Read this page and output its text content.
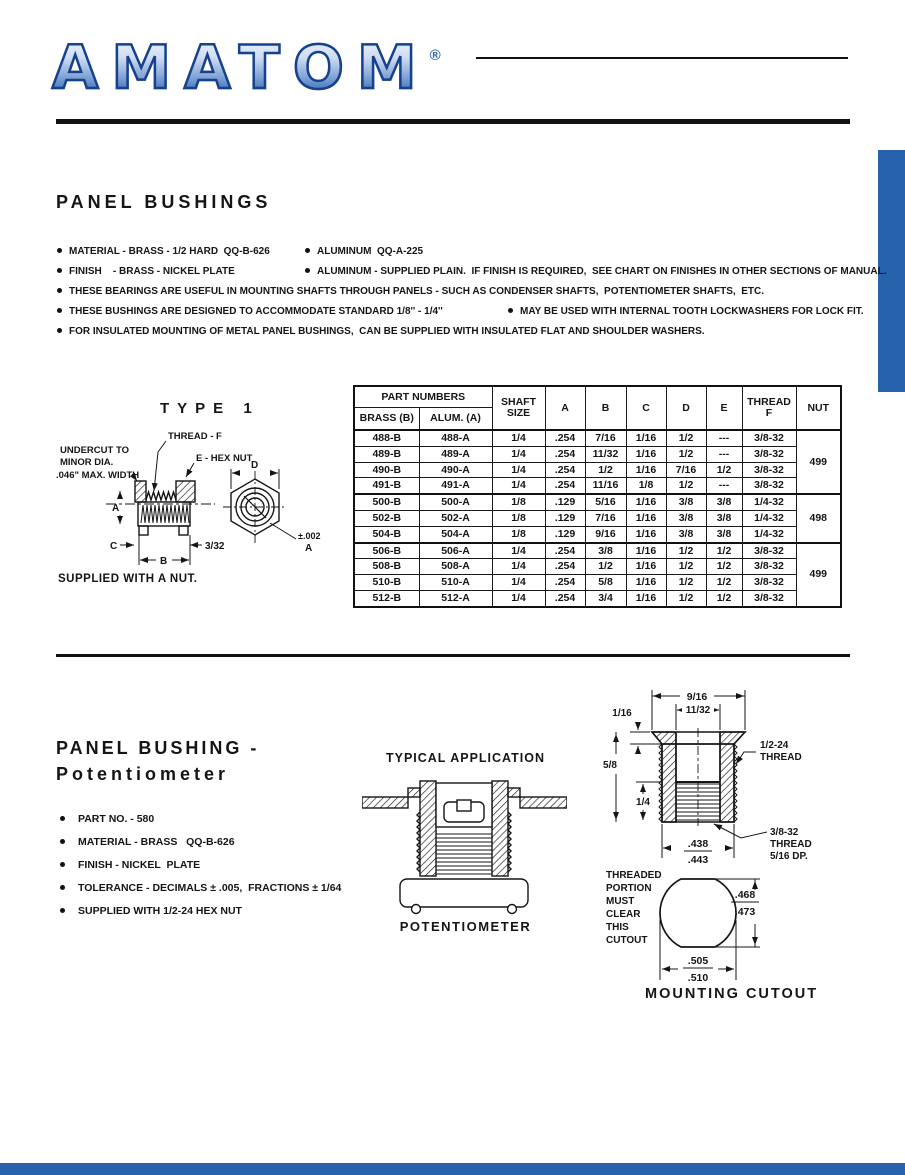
AMATOM®
PANEL BUSHINGS
MATERIAL - BRASS - 1/2 HARD  QQ-B-626	ALUMINUM  QQ-A-225
FINISH    - BRASS - NICKEL PLATE	ALUMINUM - SUPPLIED PLAIN.  IF FINISH IS REQUIRED,  SEE CHART ON FINISHES IN OTHER SECTIONS OF MANUAL.
THESE BEARINGS ARE USEFUL IN MOUNTING SHAFTS THROUGH PANELS - SUCH AS CONDENSER SHAFTS,  POTENTIOMETER SHAFTS,  ETC.
THESE BUSHINGS ARE DESIGNED TO ACCOMMODATE STANDARD 1/8'' - 1/4''	MAY BE USED WITH INTERNAL TOOTH LOCKWASHERS FOR LOCK FIT.
FOR INSULATED MOUNTING OF METAL PANEL BUSHINGS,  CAN BE SUPPLIED WITH INSULATED FLAT AND SHOULDER WASHERS.
TYPE 1
THREAD - F
E - HEX NUT
UNDERCUT TO
MINOR DIA.
.046" MAX. WIDTH
A
C
B
3/32
D
±.002
A
SUPPLIED WITH A NUT.
PART NUMBERS		SHAFT
SIZE	A	B	C	D	E	THREAD
F	NUT
BRASS (B)	ALUM. (A)								
488-B	488-A	1/4	.254	7/16	1/16	1/2	---	3/8-32	499
489-B	489-A	1/4	.254	11/32	1/16	1/2	---	3/8-32	
490-B	490-A	1/4	.254	1/2	1/16	7/16	1/2	3/8-32	
491-B	491-A	1/4	.254	11/16	1/8	1/2	---	3/8-32	
500-B	500-A	1/8	.129	5/16	1/16	3/8	3/8	1/4-32	498
502-B	502-A	1/8	.129	7/16	1/16	3/8	3/8	1/4-32	
504-B	504-A	1/8	.129	9/16	1/16	3/8	3/8	1/4-32	
506-B	506-A	1/4	.254	3/8	1/16	1/2	1/2	3/8-32	499
508-B	508-A	1/4	.254	1/2	1/16	1/2	1/2	3/8-32	
510-B	510-A	1/4	.254	5/8	1/16	1/2	1/2	3/8-32	
512-B	512-A	1/4	.254	3/4	1/16	1/2	1/2	3/8-32	
PANEL BUSHING -
Potentiometer
PART NO. - 580
MATERIAL - BRASS   QQ-B-626
FINISH - NICKEL  PLATE
TOLERANCE - DECIMALS ± .005,  FRACTIONS ± 1/64
SUPPLIED WITH 1/2-24 HEX NUT
TYPICAL APPLICATION
POTENTIOMETER
9/16
11/32
1/16
5/8
1/4
.438
.443
1/2-24
THREAD
3/8-32
THREAD
5/16 DP.
THREADED
PORTION
MUST
CLEAR
THIS
CUTOUT
.468
.473
.505
.510
MOUNTING CUTOUT
